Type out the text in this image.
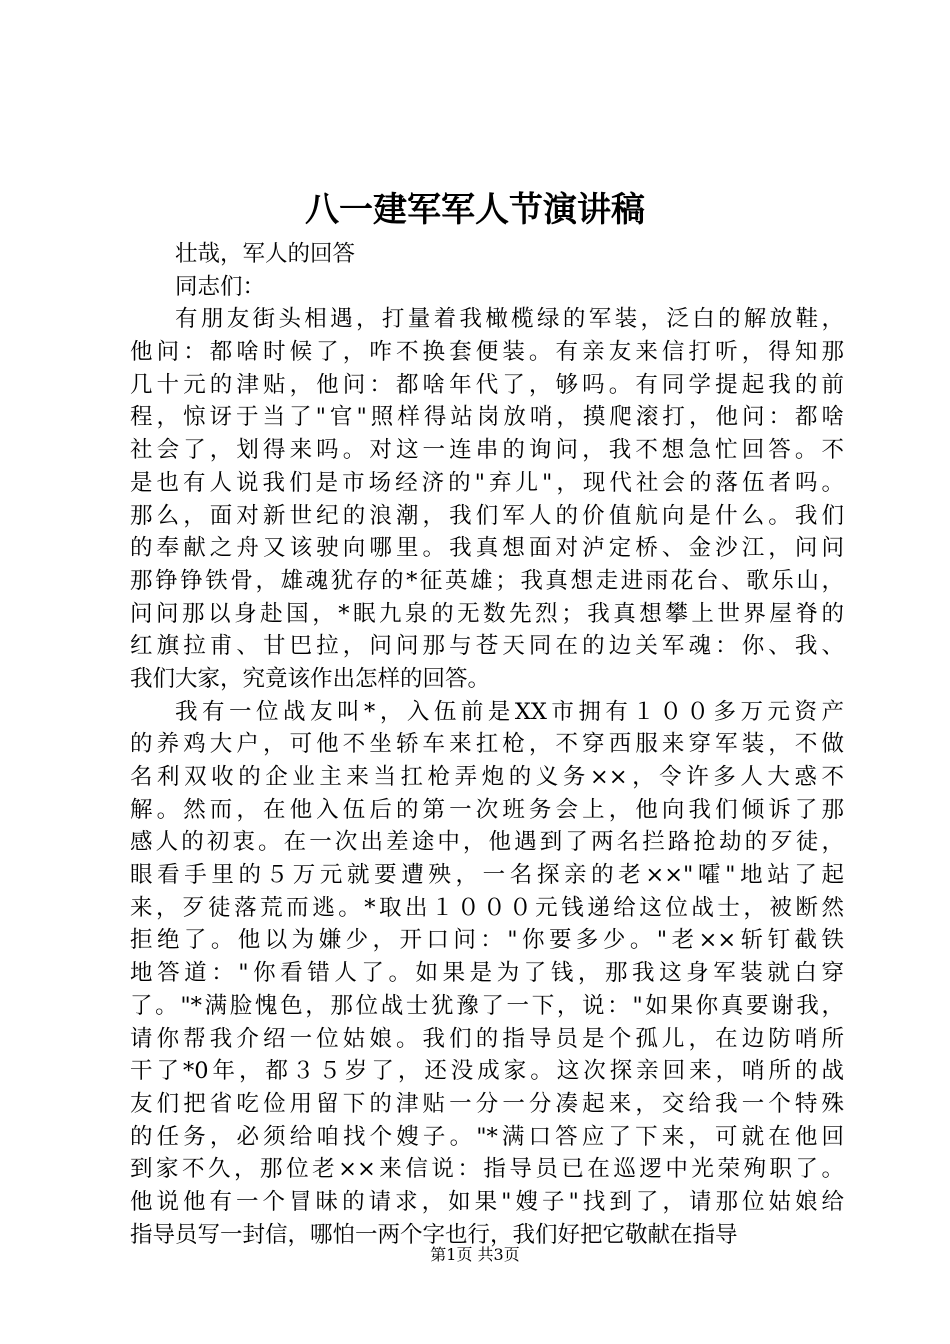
八一建军军人节演讲稿
壮哉，军人的回答
同志们：
有朋友街头相遇，打量着我橄榄绿的军装，泛白的解放鞋，
他问：都啥时候了，咋不换套便装。有亲友来信打听，得知那
几十元的津贴，他问：都啥年代了，够吗。有同学提起我的前
程，惊讶于当了"官"照样得站岗放哨，摸爬滚打，他问：都啥
社会了，划得来吗。对这一连串的询问，我不想急忙回答。不
是也有人说我们是市场经济的"弃儿"，现代社会的落伍者吗。
那么，面对新世纪的浪潮，我们军人的价值航向是什么。我们
的奉献之舟又该驶向哪里。我真想面对泸定桥、金沙江，问问
那铮铮铁骨，雄魂犹存的*征英雄；我真想走进雨花台、歌乐山，
问问那以身赴国，*眠九泉的无数先烈；我真想攀上世界屋脊的
红旗拉甫、甘巴拉，问问那与苍天同在的边关军魂：你、我、
我们大家，究竟该作出怎样的回答。
我有一位战友叫*，入伍前是XX市拥有１００多万元资产
的养鸡大户，可他不坐轿车来扛枪，不穿西服来穿军装，不做
名利双收的企业主来当扛枪弄炮的义务××，令许多人大惑不
解。然而，在他入伍后的第一次班务会上，他向我们倾诉了那
感人的初衷。在一次出差途中，他遇到了两名拦路抢劫的歹徒，
眼看手里的５万元就要遭殃，一名探亲的老××"嚯"地站了起
来，歹徒落荒而逃。*取出１０００元钱递给这位战士，被断然
拒绝了。他以为嫌少，开口问："你要多少。"老××斩钉截铁
地答道："你看错人了。如果是为了钱，那我这身军装就白穿
了。"*满脸愧色，那位战士犹豫了一下，说："如果你真要谢我，
请你帮我介绍一位姑娘。我们的指导员是个孤儿，在边防哨所
干了*0年，都３５岁了，还没成家。这次探亲回来，哨所的战
友们把省吃俭用留下的津贴一分一分凑起来，交给我一个特殊
的任务，必须给咱找个嫂子。"*满口答应了下来，可就在他回
到家不久，那位老××来信说：指导员已在巡逻中光荣殉职了。
他说他有一个冒昧的请求，如果"嫂子"找到了，请那位姑娘给
指导员写一封信，哪怕一两个字也行，我们好把它敬献在指导
第1页 共3页
